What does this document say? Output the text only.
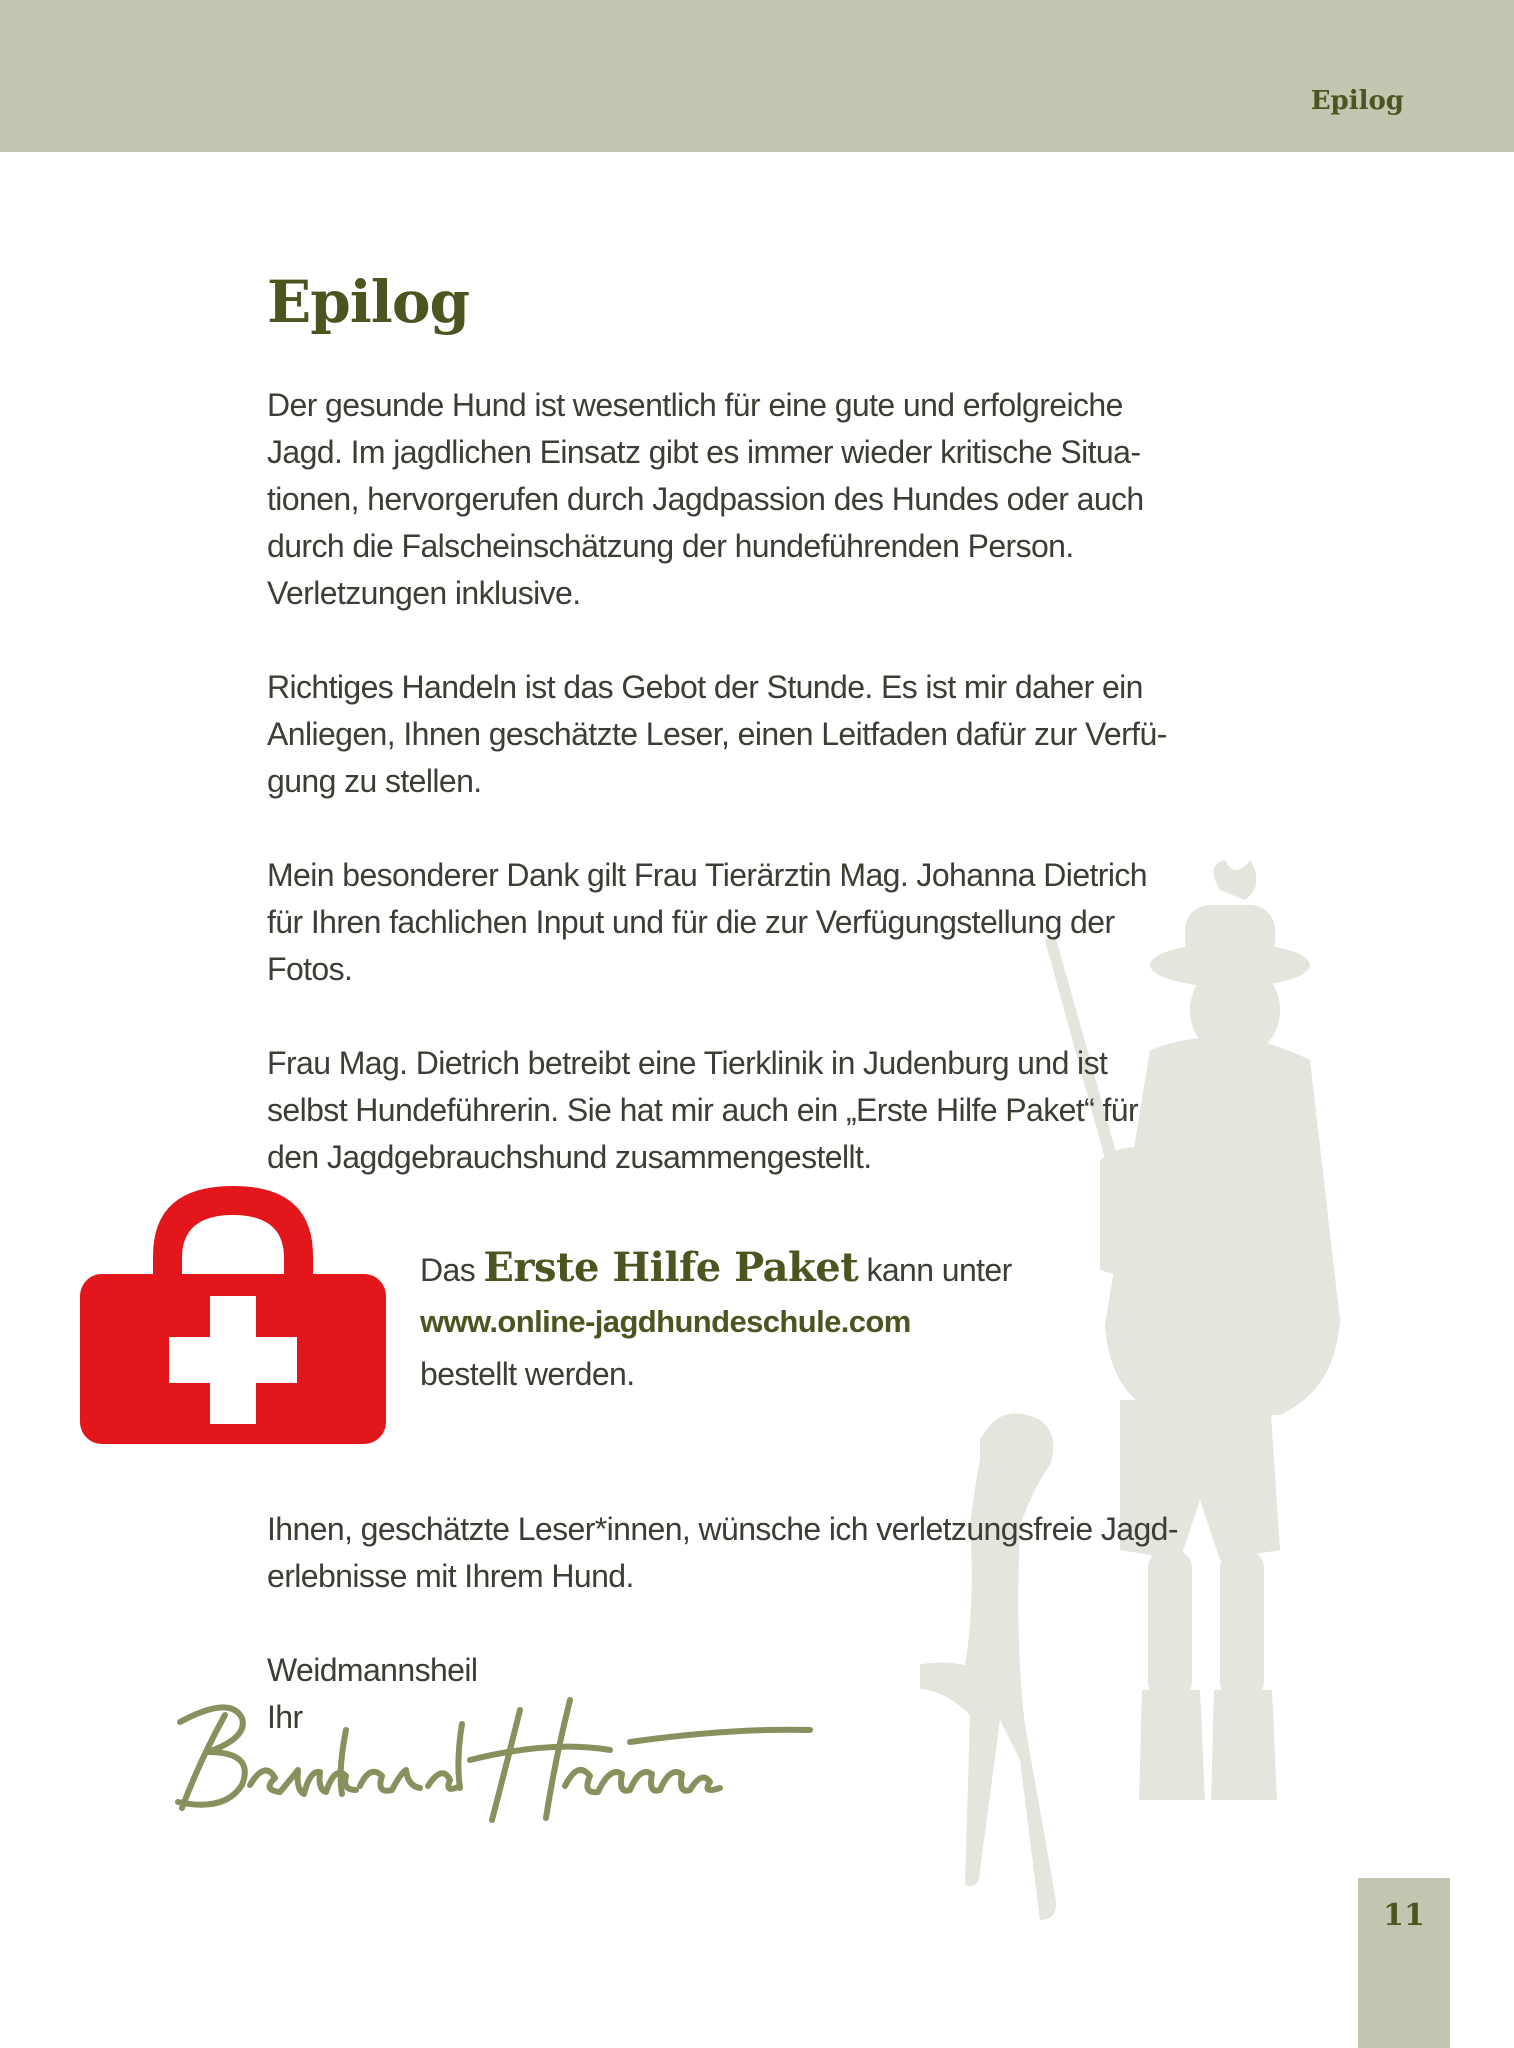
Epilog
Epilog

Der gesunde Hund ist wesentlich für eine gute und erfolgreiche
Jagd. Im jagdlichen Einsatz gibt es immer wieder kritische Situa-
tionen, hervorgerufen durch Jagdpassion des Hundes oder auch
durch die Falscheinschätzung der hundeführenden Person.
Verletzungen inklusive.

Richtiges Handeln ist das Gebot der Stunde. Es ist mir daher ein
Anliegen, Ihnen geschätzte Leser, einen Leitfaden dafür zur Verfü-
gung zu stellen.

Mein besonderer Dank gilt Frau Tierärztin Mag. Johanna Dietrich
für Ihren fachlichen Input und für die zur Verfügungstellung der
Fotos.

Frau Mag. Dietrich betreibt eine Tierklinik in Judenburg und ist
selbst Hundeführerin. Sie hat mir auch ein „Erste Hilfe Paket“ für
den Jagdgebrauchshund zusammengestellt.

Das Erste Hilfe Paket kann unter
www.online-jagdhundeschule.com
bestellt werden.

Ihnen, geschätzte Leser*innen, wünsche ich verletzungsfreie Jagd-
erlebnisse mit Ihrem Hund.

Weidmannsheil
Ihr

11
